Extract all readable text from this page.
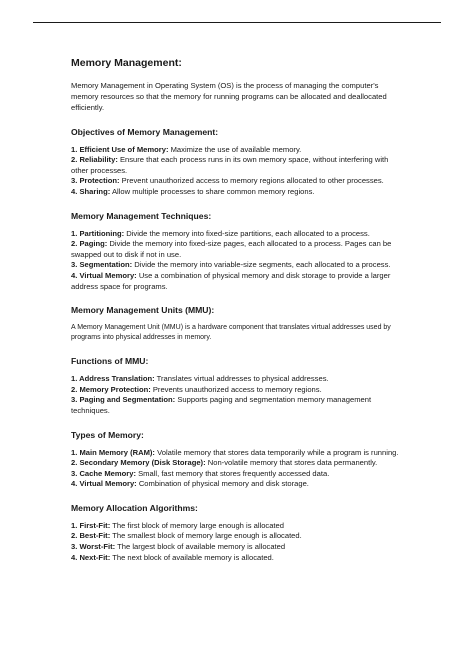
Memory Management:

Memory Management in Operating System (OS) is the process of managing the computer's memory resources so that the memory for running programs can be allocated and deallocated efficiently.

Objectives of Memory Management:
1. Efficient Use of Memory: Maximize the use of available memory.
2. Reliability: Ensure that each process runs in its own memory space, without interfering with other processes.
3. Protection: Prevent unauthorized access to memory regions allocated to other processes.
4. Sharing: Allow multiple processes to share common memory regions.
Memory Management Techniques:
1. Partitioning: Divide the memory into fixed-size partitions, each allocated to a process.
2. Paging: Divide the memory into fixed-size pages, each allocated to a process. Pages can be swapped out to disk if not in use.
3. Segmentation: Divide the memory into variable-size segments, each allocated to a process.
4. Virtual Memory: Use a combination of physical memory and disk storage to provide a larger address space for programs.
Memory Management Units (MMU):

A Memory Management Unit (MMU) is a hardware component that translates virtual addresses used by programs into physical addresses in memory.

Functions of MMU:
1. Address Translation: Translates virtual addresses to physical addresses.
2. Memory Protection: Prevents unauthorized access to memory regions.
3. Paging and Segmentation: Supports paging and segmentation memory management techniques.
Types of Memory:
1. Main Memory (RAM): Volatile memory that stores data temporarily while a program is running.
2. Secondary Memory (Disk Storage): Non-volatile memory that stores data permanently.
3. Cache Memory: Small, fast memory that stores frequently accessed data.
4. Virtual Memory: Combination of physical memory and disk storage.
Memory Allocation Algorithms:
1. First-Fit: The first block of memory large enough is allocated
2. Best-Fit: The smallest block of memory large enough is allocated.
3. Worst-Fit: The largest block of available memory is allocated
4. Next-Fit: The next block of available memory is allocated.
